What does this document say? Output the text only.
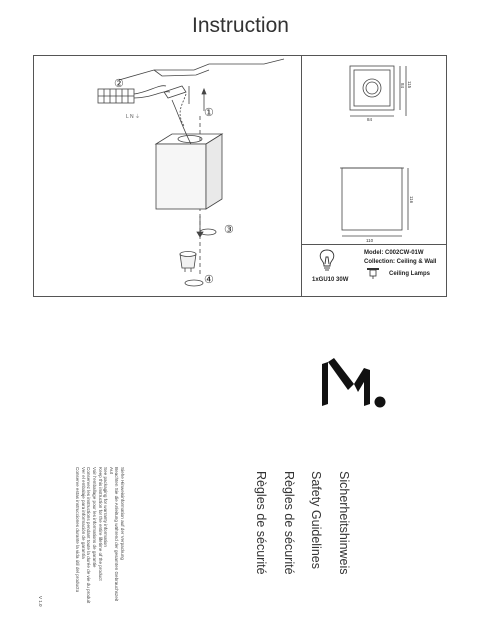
Instruction
L N ⏚
②
①
③
④
84
84 115
116
110
1xGU10 30W
Model: C002CW-01W
Collection: Ceiling & Wall
Ceiling Lamps
Sicherheitshinweis
Safety Guidelines
Règles de sécurité
Règles de sécurité
Siehe Hinweisinformation auf der Verpackung
Beachten Sie die Anleitung während der gesamten Gebrauchszeit
Aut
See packaging for warranty information
Keep this instruction for the entire lifetime of the product
Voir l'emballage pour les informations de garantie
Conservez les instructions pendant toute la durée de vie du produit
Ver el embalaje para información de garantía
Conserve estas instrucciones durante la vida útil del producto
V 1.0
